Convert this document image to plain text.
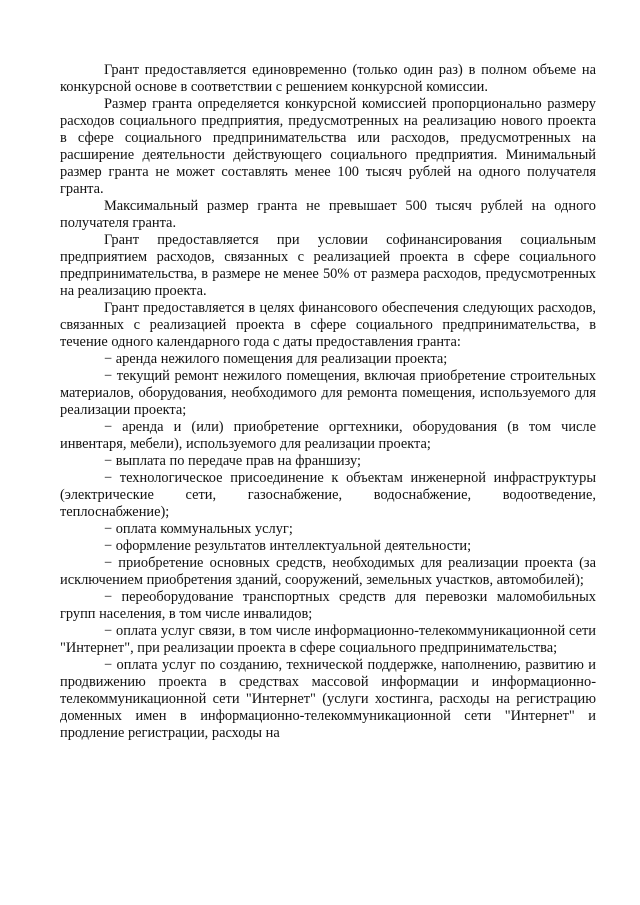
Грант предоставляется единовременно (только один раз) в полном объеме на конкурсной основе в соответствии с решением конкурсной комиссии.

Размер гранта определяется конкурсной комиссией пропорционально размеру расходов социального предприятия, предусмотренных на реализацию нового проекта в сфере социального предпринимательства или расходов, предусмотренных на расширение деятельности действующего социального предприятия. Минимальный размер гранта не может составлять менее 100 тысяч рублей на одного получателя гранта.

Максимальный размер гранта не превышает 500 тысяч рублей на одного получателя гранта.

Грант предоставляется при условии софинансирования социальным предприятием расходов, связанных с реализацией проекта в сфере социального предпринимательства, в размере не менее 50% от размера расходов, предусмотренных на реализацию проекта.

Грант предоставляется в целях финансового обеспечения следующих расходов, связанных с реализацией проекта в сфере социального предпринимательства, в течение одного календарного года с даты предоставления гранта:

− аренда нежилого помещения для реализации проекта;

− текущий ремонт нежилого помещения, включая приобретение строительных материалов, оборудования, необходимого для ремонта помещения, используемого для реализации проекта;

− аренда и (или) приобретение оргтехники, оборудования (в том числе инвентаря, мебели), используемого для реализации проекта;

− выплата по передаче прав на франшизу;

− технологическое присоединение к объектам инженерной инфраструктуры (электрические сети, газоснабжение, водоснабжение, водоотведение, теплоснабжение);

− оплата коммунальных услуг;

− оформление результатов интеллектуальной деятельности;

− приобретение основных средств, необходимых для реализации проекта (за исключением приобретения зданий, сооружений, земельных участков, автомобилей);

− переоборудование транспортных средств для перевозки маломобильных групп населения, в том числе инвалидов;

− оплата услуг связи, в том числе информационно-телекоммуникационной сети "Интернет", при реализации проекта в сфере социального предпринимательства;

− оплата услуг по созданию, технической поддержке, наполнению, развитию и продвижению проекта в средствах массовой информации и информационно-телекоммуникационной сети "Интернет" (услуги хостинга, расходы на регистрацию доменных имен в информационно-телекоммуникационной сети "Интернет" и продление регистрации, расходы на
